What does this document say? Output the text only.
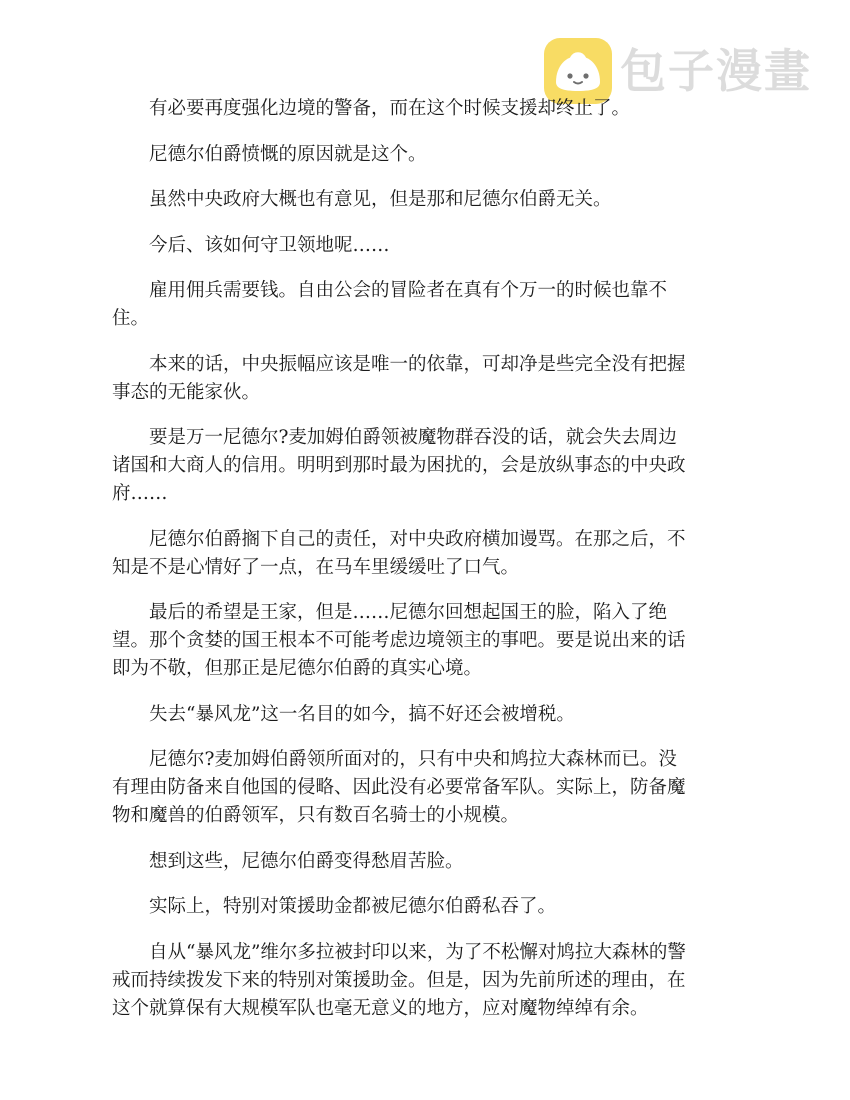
包子漫畫

有必要再度强化边境的警备，而在这个时候支援却终止了。

尼德尔伯爵愤慨的原因就是这个。

虽然中央政府大概也有意见，但是那和尼德尔伯爵无关。

今后、该如何守卫领地呢……

雇用佣兵需要钱。自由公会的冒险者在真有个万一的时候也靠不
住。

本来的话，中央振幅应该是唯一的依靠，可却净是些完全没有把握
事态的无能家伙。

要是万一尼德尔?麦加姆伯爵领被魔物群吞没的话，就会失去周边
诸国和大商人的信用。明明到那时最为困扰的，会是放纵事态的中央政
府……

尼德尔伯爵搁下自己的责任，对中央政府横加谩骂。在那之后，不
知是不是心情好了一点，在马车里缓缓吐了口气。

最后的希望是王家，但是……尼德尔回想起国王的脸，陷入了绝
望。那个贪婪的国王根本不可能考虑边境领主的事吧。要是说出来的话
即为不敬，但那正是尼德尔伯爵的真实心境。

失去“暴风龙”这一名目的如今，搞不好还会被增税。

尼德尔?麦加姆伯爵领所面对的，只有中央和鸠拉大森林而已。没
有理由防备来自他国的侵略、因此没有必要常备军队。实际上，防备魔
物和魔兽的伯爵领军，只有数百名骑士的小规模。

想到这些，尼德尔伯爵变得愁眉苦脸。

实际上，特别对策援助金都被尼德尔伯爵私吞了。

自从“暴风龙”维尔多拉被封印以来，为了不松懈对鸠拉大森林的警
戒而持续拨发下来的特别对策援助金。但是，因为先前所述的理由，在
这个就算保有大规模军队也毫无意义的地方，应对魔物绰绰有余。
